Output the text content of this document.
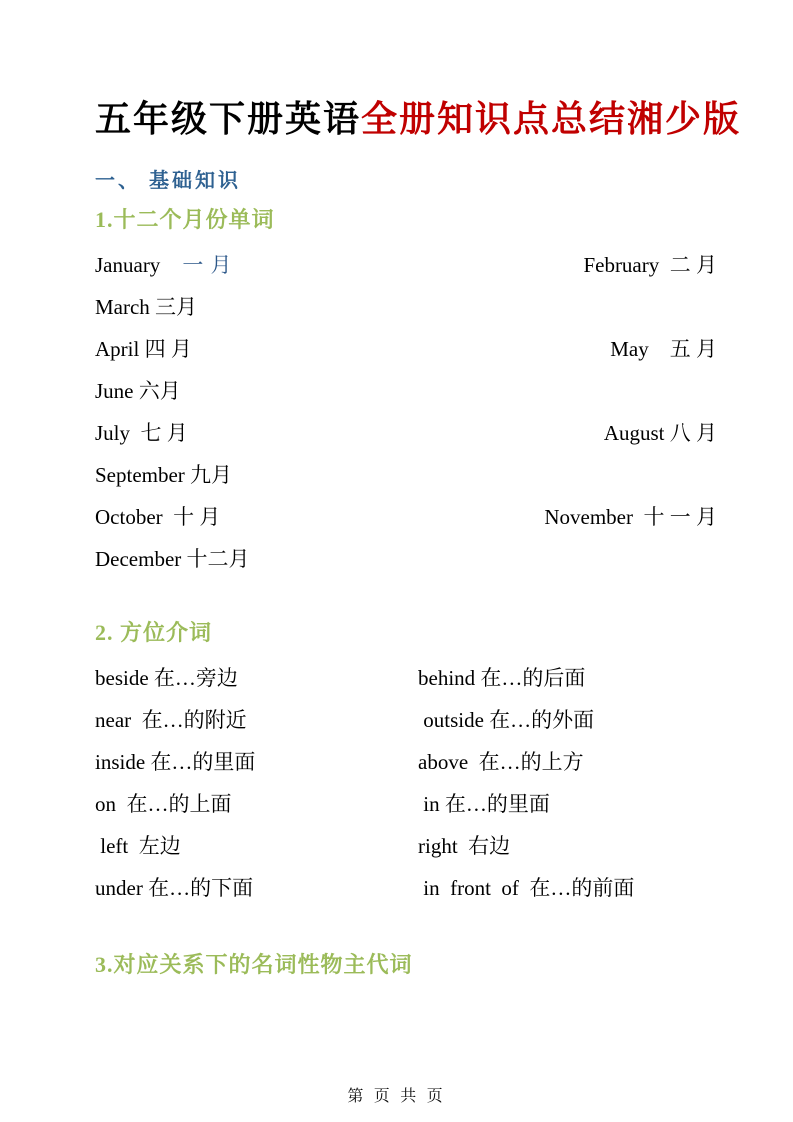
五年级下册英语全册知识点总结湘少版
一、 基础知识
1.十二个月份单词
January 一 月	February  二 月
March 三月
April 四 月	May    五 月
June 六月
July  七 月	August 八 月
September 九月
October  十 月	November  十 一 月
December 十二月
2. 方位介词
beside 在…旁边	behind 在…的后面
near  在…的附近	outside 在…的外面
inside 在…的里面	above  在…的上方
on  在…的上面	in 在…的里面
left  左边	right  右边
under 在…的下面	in  front  of  在…的前面
3.对应关系下的名词性物主代词
第 页 共 页
